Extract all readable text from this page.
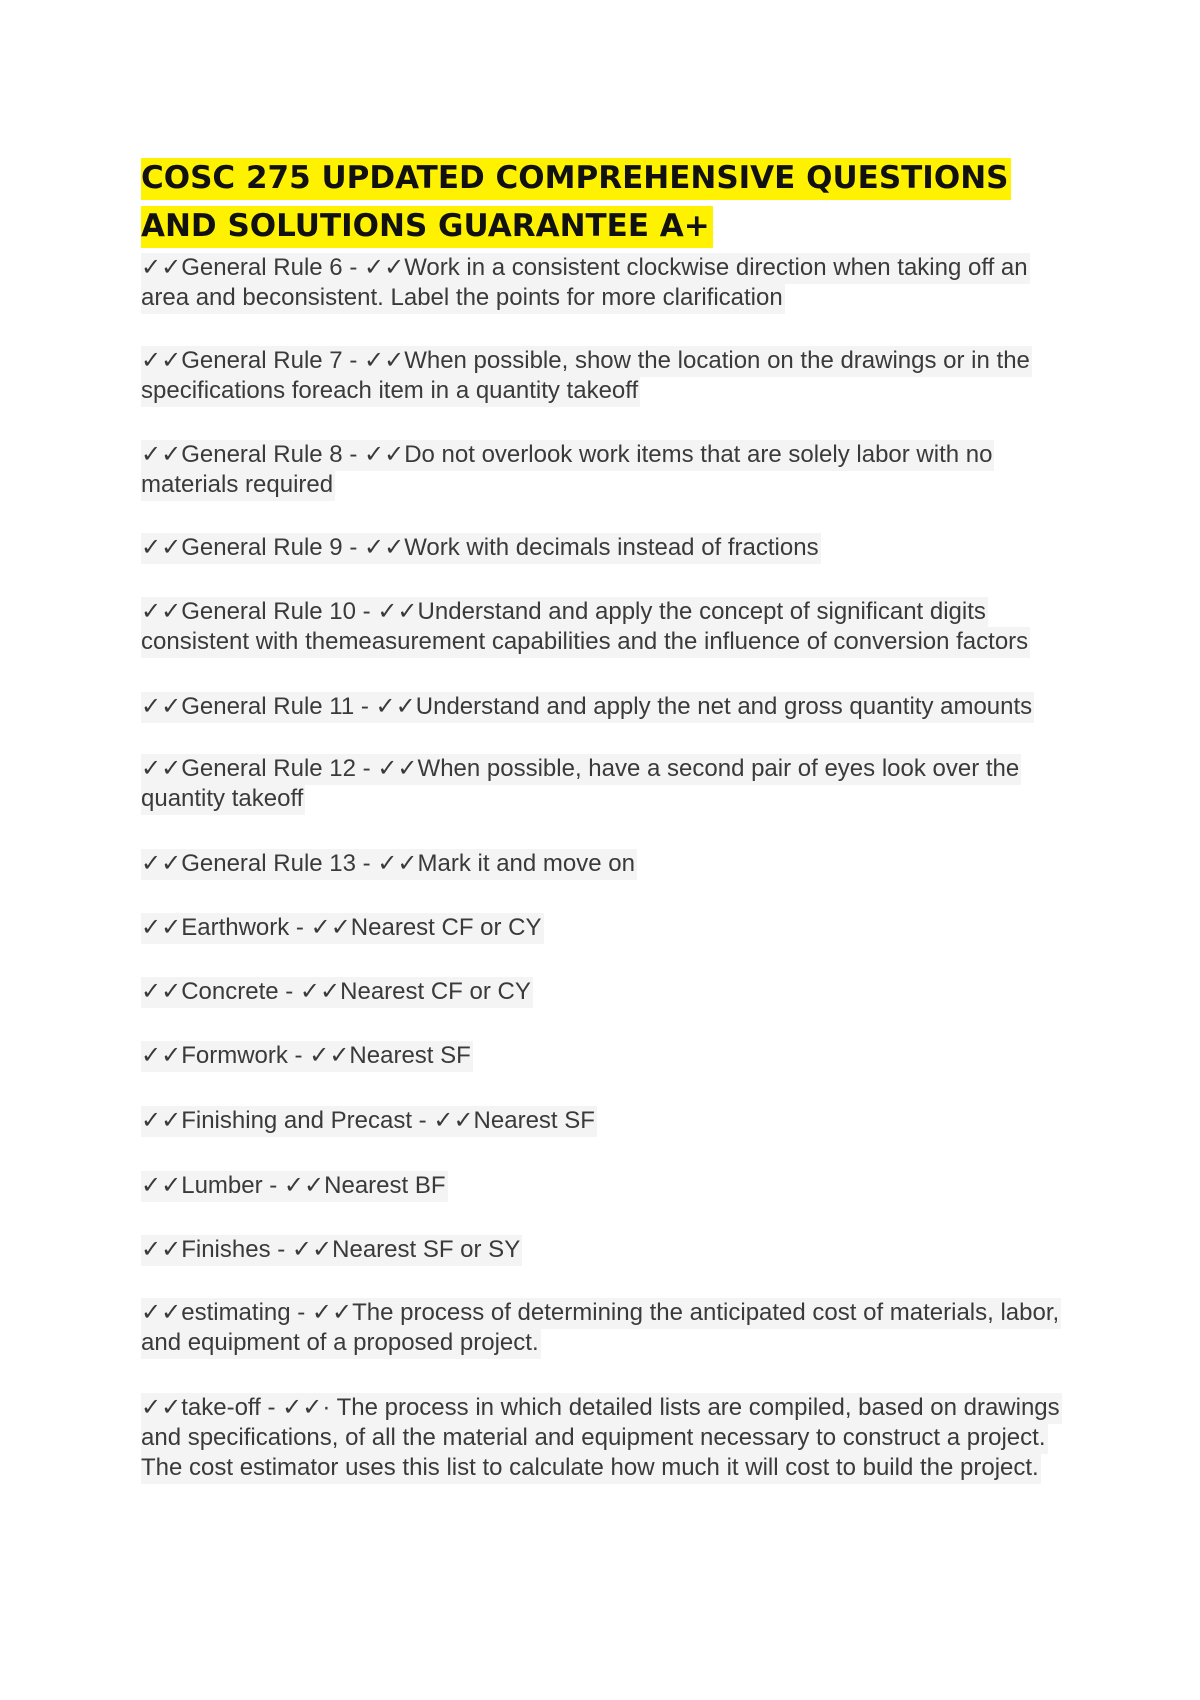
COSC 275 UPDATED COMPREHENSIVE QUESTIONS AND SOLUTIONS GUARANTEE A+

✓✓General Rule 6 - ✓✓Work in a consistent clockwise direction when taking off an area and beconsistent. Label the points for more clarification

✓✓General Rule 7 - ✓✓When possible, show the location on the drawings or in the specifications foreach item in a quantity takeoff

✓✓General Rule 8 - ✓✓Do not overlook work items that are solely labor with no materials required

✓✓General Rule 9 - ✓✓Work with decimals instead of fractions

✓✓General Rule 10 - ✓✓Understand and apply the concept of significant digits consistent with themeasurement capabilities and the influence of conversion factors

✓✓General Rule 11 - ✓✓Understand and apply the net and gross quantity amounts

✓✓General Rule 12 - ✓✓When possible, have a second pair of eyes look over the quantity takeoff

✓✓General Rule 13 - ✓✓Mark it and move on

✓✓Earthwork - ✓✓Nearest CF or CY

✓✓Concrete - ✓✓Nearest CF or CY

✓✓Formwork - ✓✓Nearest SF

✓✓Finishing and Precast - ✓✓Nearest SF

✓✓Lumber - ✓✓Nearest BF

✓✓Finishes - ✓✓Nearest SF or SY

✓✓estimating - ✓✓The process of determining the anticipated cost of materials, labor, and equipment of a proposed project.

✓✓take-off - ✓✓· The process in which detailed lists are compiled, based on drawings and specifications, of all the material and equipment necessary to construct a project. The cost estimator uses this list to calculate how much it will cost to build the project.
